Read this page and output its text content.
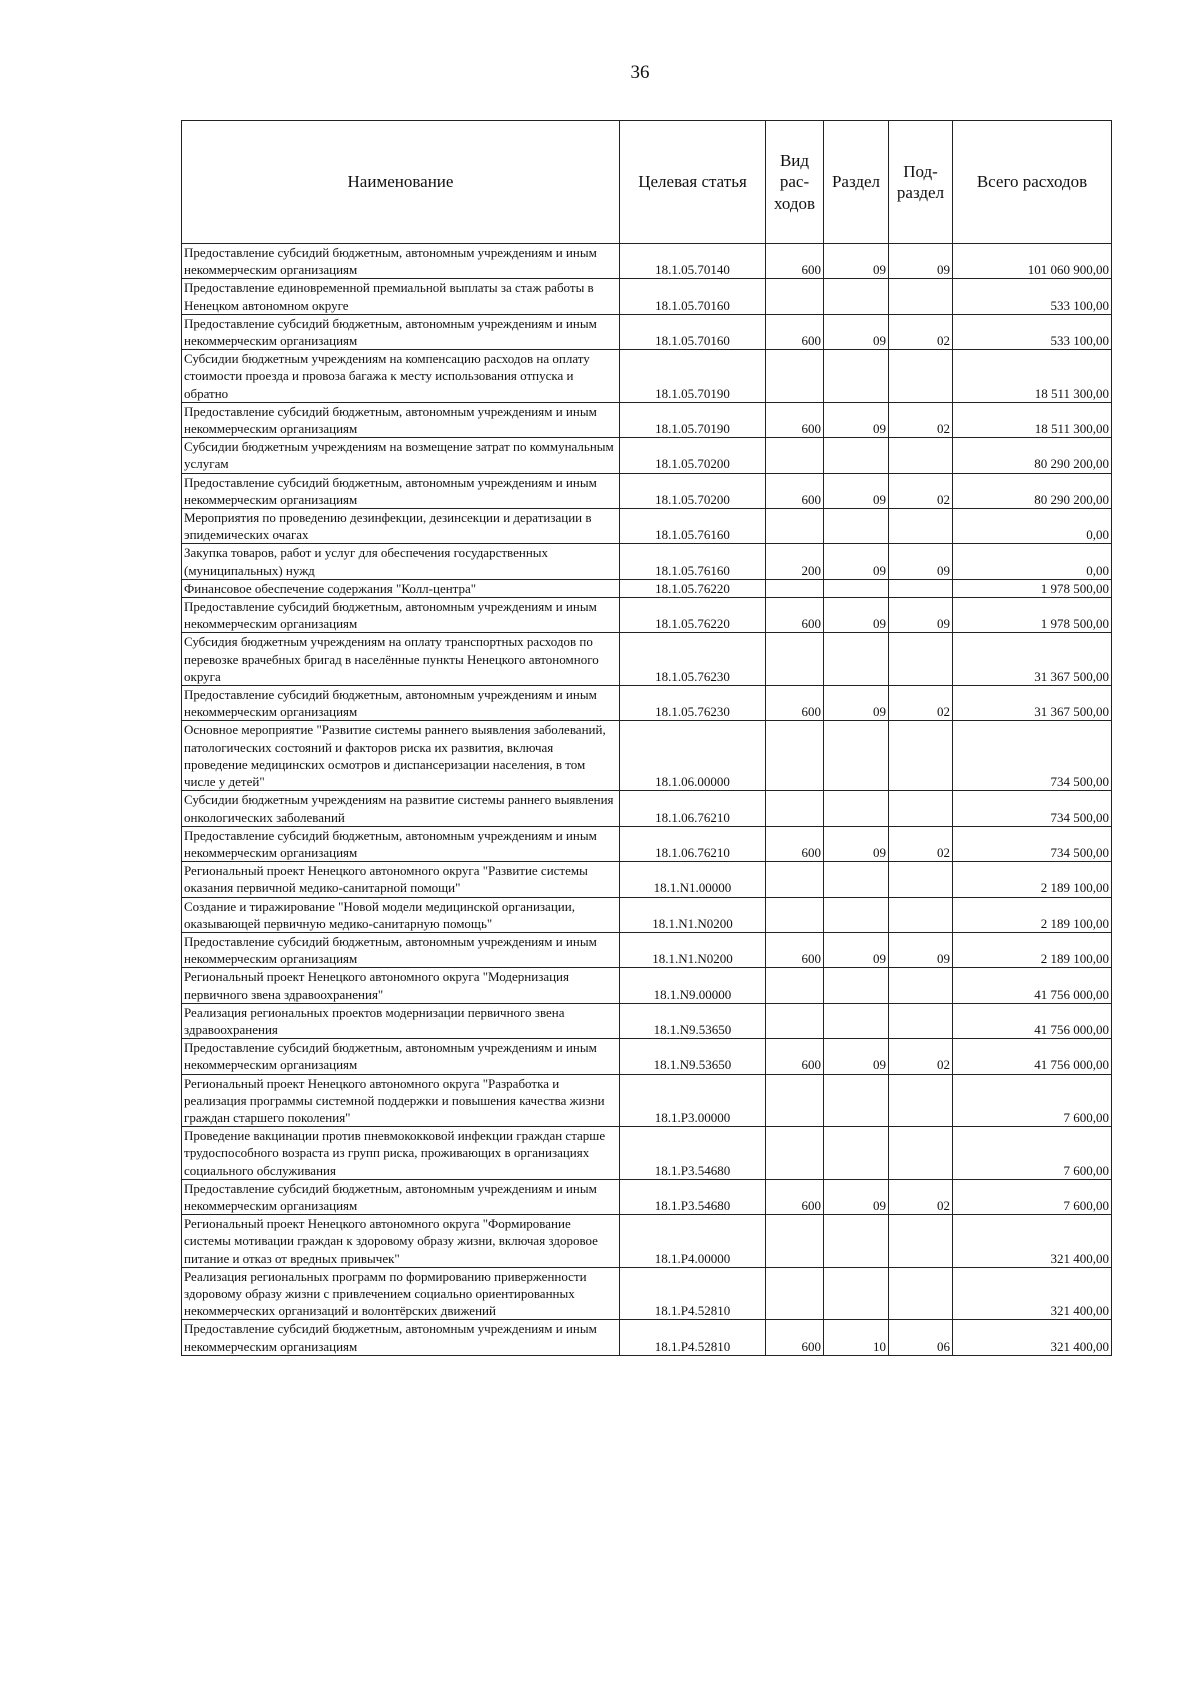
36
Наименование	Целевая статья	Вид рас-ходов	Раздел	Под-раздел	Всего расходов
Предоставление субсидий бюджетным, автономным учреждениям и иным некоммерческим организациям	18.1.05.70140	600	09	09	101 060 900,00
Предоставление единовременной премиальной выплаты за стаж работы в Ненецком автономном округе	18.1.05.70160				533 100,00
Предоставление субсидий бюджетным, автономным учреждениям и иным некоммерческим организациям	18.1.05.70160	600	09	02	533 100,00
Субсидии бюджетным учреждениям на компенсацию расходов на оплату стоимости проезда и провоза багажа к месту использования отпуска и обратно	18.1.05.70190				18 511 300,00
Предоставление субсидий бюджетным, автономным учреждениям и иным некоммерческим организациям	18.1.05.70190	600	09	02	18 511 300,00
Субсидии бюджетным учреждениям на возмещение затрат по коммунальным услугам	18.1.05.70200				80 290 200,00
Предоставление субсидий бюджетным, автономным учреждениям и иным некоммерческим организациям	18.1.05.70200	600	09	02	80 290 200,00
Мероприятия по проведению дезинфекции, дезинсекции и дератизации в эпидемических очагах	18.1.05.76160				0,00
Закупка товаров, работ и услуг для обеспечения государственных (муниципальных) нужд	18.1.05.76160	200	09	09	0,00
Финансовое обеспечение содержания "Колл-центра"	18.1.05.76220				1 978 500,00
Предоставление субсидий бюджетным, автономным учреждениям и иным некоммерческим организациям	18.1.05.76220	600	09	09	1 978 500,00
Субсидия бюджетным учреждениям на оплату транспортных расходов по перевозке врачебных бригад в населённые пункты Ненецкого автономного округа	18.1.05.76230				31 367 500,00
Предоставление субсидий бюджетным, автономным учреждениям и иным некоммерческим организациям	18.1.05.76230	600	09	02	31 367 500,00
Основное мероприятие "Развитие системы раннего выявления заболеваний, патологических состояний и факторов риска их развития, включая проведение медицинских осмотров и диспансеризации населения, в том числе у детей"	18.1.06.00000				734 500,00
Субсидии бюджетным учреждениям на развитие системы раннего выявления онкологических заболеваний	18.1.06.76210				734 500,00
Предоставление субсидий бюджетным, автономным учреждениям и иным некоммерческим организациям	18.1.06.76210	600	09	02	734 500,00
Региональный проект Ненецкого автономного округа "Развитие системы оказания первичной медико-санитарной помощи"	18.1.N1.00000				2 189 100,00
Создание и тиражирование "Новой модели медицинской организации, оказывающей первичную медико-санитарную помощь"	18.1.N1.N0200				2 189 100,00
Предоставление субсидий бюджетным, автономным учреждениям и иным некоммерческим организациям	18.1.N1.N0200	600	09	09	2 189 100,00
Региональный проект Ненецкого автономного округа "Модернизация первичного звена здравоохранения"	18.1.N9.00000				41 756 000,00
Реализация региональных проектов модернизации первичного звена здравоохранения	18.1.N9.53650				41 756 000,00
Предоставление субсидий бюджетным, автономным учреждениям и иным некоммерческим организациям	18.1.N9.53650	600	09	02	41 756 000,00
Региональный проект Ненецкого автономного округа "Разработка и реализация программы системной поддержки и повышения качества жизни граждан старшего поколения"	18.1.P3.00000				7 600,00
Проведение вакцинации против пневмококковой инфекции граждан старше трудоспособного возраста из групп риска, проживающих в организациях социального обслуживания	18.1.P3.54680				7 600,00
Предоставление субсидий бюджетным, автономным учреждениям и иным некоммерческим организациям	18.1.P3.54680	600	09	02	7 600,00
Региональный проект Ненецкого автономного округа "Формирование системы мотивации граждан к здоровому образу жизни, включая здоровое питание и отказ от вредных привычек"	18.1.P4.00000				321 400,00
Реализация региональных программ по формированию приверженности здоровому образу жизни с привлечением социально ориентированных некоммерческих организаций и волонтёрских движений	18.1.P4.52810				321 400,00
Предоставление субсидий бюджетным, автономным учреждениям и иным некоммерческим организациям	18.1.P4.52810	600	10	06	321 400,00
